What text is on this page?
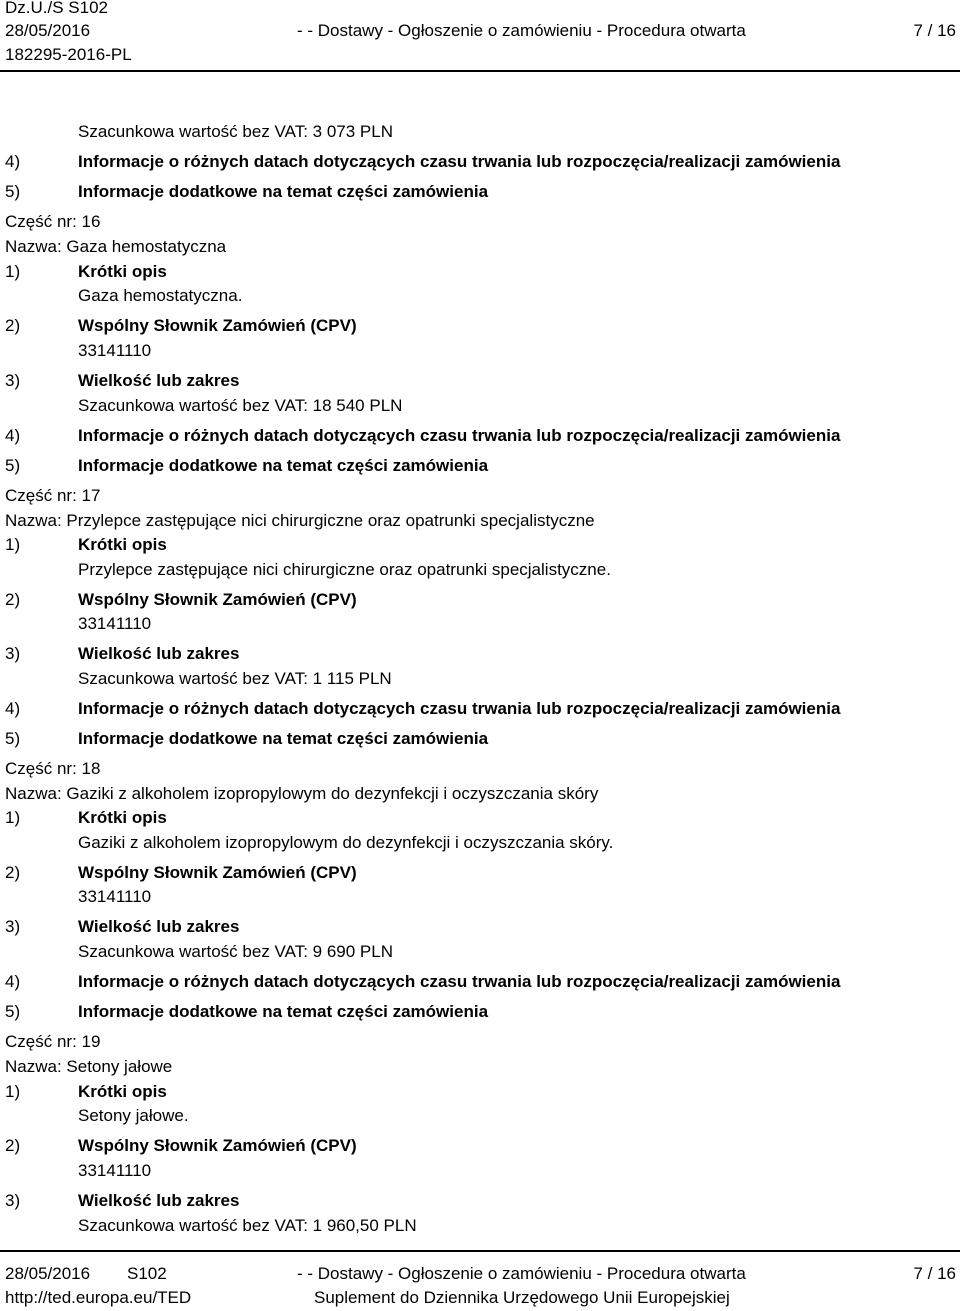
Dz.U./S S102
28/05/2016	- - Dostawy - Ogłoszenie o zamówieniu - Procedura otwarta	7 / 16
182295-2016-PL
Szacunkowa wartość bez VAT: 3 073 PLN
4)	Informacje o różnych datach dotyczących czasu trwania lub rozpoczęcia/realizacji zamówienia
5)	Informacje dodatkowe na temat części zamówienia
Część nr: 16
Nazwa: Gaza hemostatyczna
1)	Krótki opis
Gaza hemostatyczna.
2)	Wspólny Słownik Zamówień (CPV)
33141110
3)	Wielkość lub zakres
Szacunkowa wartość bez VAT: 18 540 PLN
4)	Informacje o różnych datach dotyczących czasu trwania lub rozpoczęcia/realizacji zamówienia
5)	Informacje dodatkowe na temat części zamówienia
Część nr: 17
Nazwa: Przylepce zastępujące nici chirurgiczne oraz opatrunki specjalistyczne
1)	Krótki opis
Przylepce zastępujące nici chirurgiczne oraz opatrunki specjalistyczne.
2)	Wspólny Słownik Zamówień (CPV)
33141110
3)	Wielkość lub zakres
Szacunkowa wartość bez VAT: 1 115 PLN
4)	Informacje o różnych datach dotyczących czasu trwania lub rozpoczęcia/realizacji zamówienia
5)	Informacje dodatkowe na temat części zamówienia
Część nr: 18
Nazwa: Gaziki z alkoholem izopropylowym do dezynfekcji i oczyszczania skóry
1)	Krótki opis
Gaziki z alkoholem izopropylowym do dezynfekcji i oczyszczania skóry.
2)	Wspólny Słownik Zamówień (CPV)
33141110
3)	Wielkość lub zakres
Szacunkowa wartość bez VAT: 9 690 PLN
4)	Informacje o różnych datach dotyczących czasu trwania lub rozpoczęcia/realizacji zamówienia
5)	Informacje dodatkowe na temat części zamówienia
Część nr: 19
Nazwa: Setony jałowe
1)	Krótki opis
Setony jałowe.
2)	Wspólny Słownik Zamówień (CPV)
33141110
3)	Wielkość lub zakres
Szacunkowa wartość bez VAT: 1 960,50 PLN
28/05/2016 S102	- - Dostawy - Ogłoszenie o zamówieniu - Procedura otwarta	7 / 16
http://ted.europa.eu/TED	Suplement do Dziennika Urzędowego Unii Europejskiej
